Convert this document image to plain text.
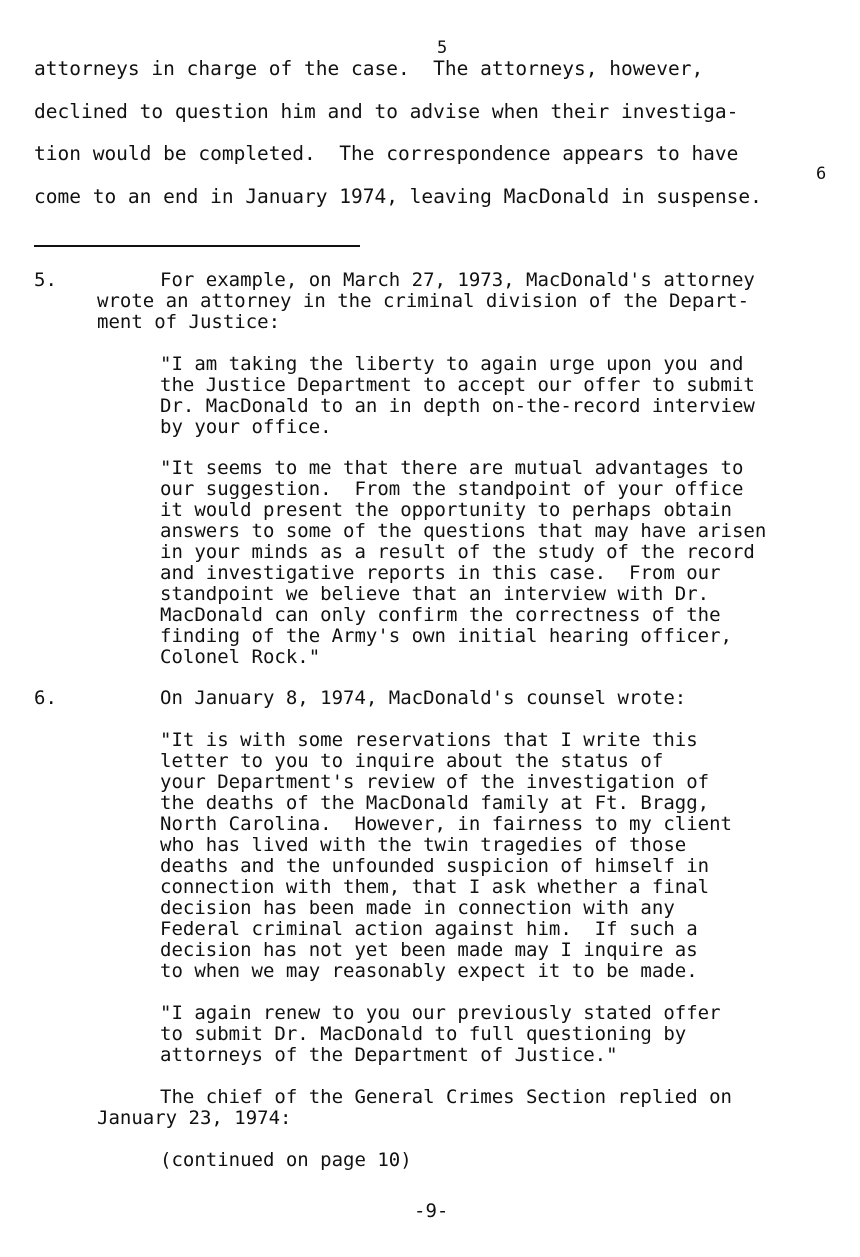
5
attorneys in charge of the case.  The attorneys, however,
declined to question him and to advise when their investiga-
tion would be completed.  The correspondence appears to have
6
come to an end in January 1974, leaving MacDonald in suspense.
5.	For example, on March 27, 1973, MacDonald's attorney
wrote an attorney in the criminal division of the Depart-
ment of Justice:
"I am taking the liberty to again urge upon you and
the Justice Department to accept our offer to submit
Dr. MacDonald to an in depth on-the-record interview
by your office.
"It seems to me that there are mutual advantages to
our suggestion.  From the standpoint of your office
it would present the opportunity to perhaps obtain
answers to some of the questions that may have arisen
in your minds as a result of the study of the record
and investigative reports in this case.  From our
standpoint we believe that an interview with Dr.
MacDonald can only confirm the correctness of the
finding of the Army's own initial hearing officer,
Colonel Rock."
6.	On January 8, 1974, MacDonald's counsel wrote:
"It is with some reservations that I write this
letter to you to inquire about the status of
your Department's review of the investigation of
the deaths of the MacDonald family at Ft. Bragg,
North Carolina.  However, in fairness to my client
who has lived with the twin tragedies of those
deaths and the unfounded suspicion of himself in
connection with them, that I ask whether a final
decision has been made in connection with any
Federal criminal action against him.  If such a
decision has not yet been made may I inquire as
to when we may reasonably expect it to be made.
"I again renew to you our previously stated offer
to submit Dr. MacDonald to full questioning by
attorneys of the Department of Justice."
The chief of the General Crimes Section replied on
January 23, 1974:
(continued on page 10)
-9-
